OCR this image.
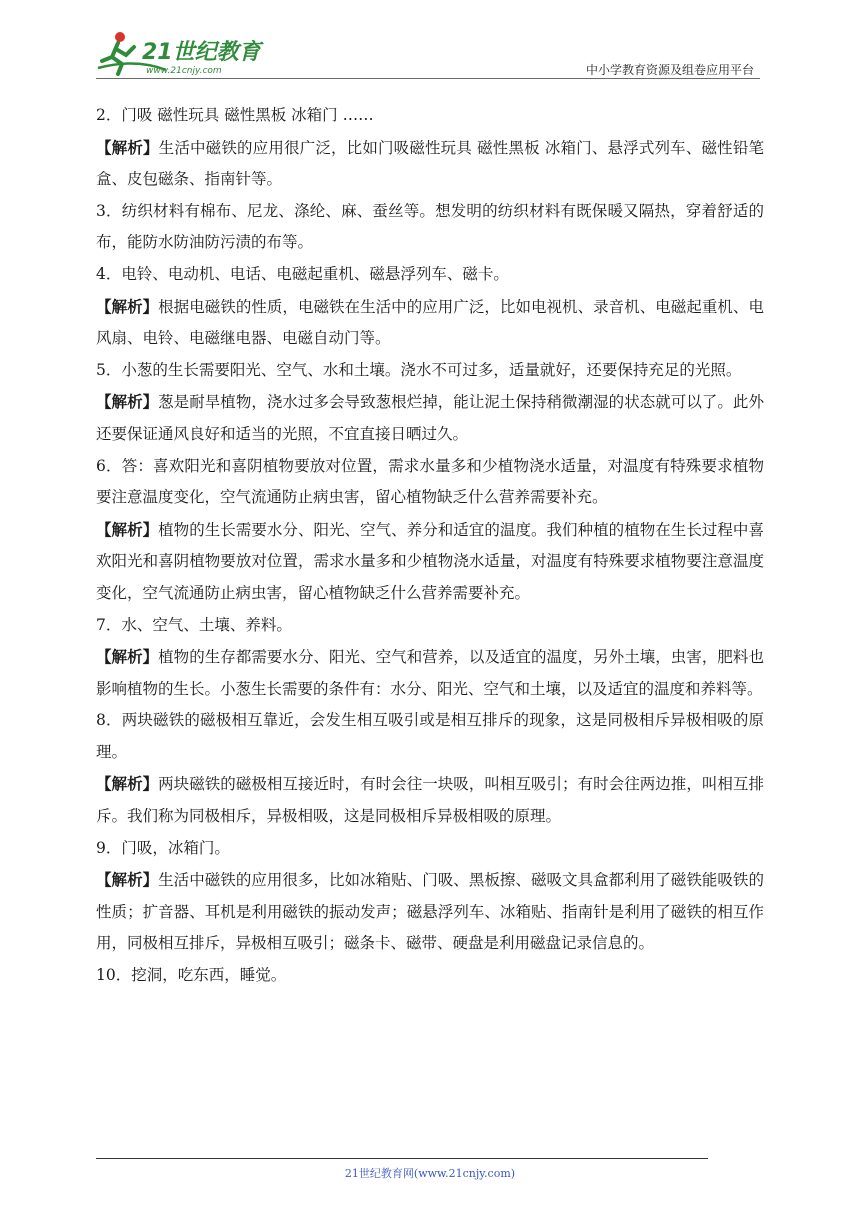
21世纪教育
www.21cnjy.com	中小学教育资源及组卷应用平台

2．门吸 磁性玩具 磁性黑板 冰箱门 ……

【解析】生活中磁铁的应用很广泛，比如门吸磁性玩具 磁性黑板 冰箱门、悬浮式列车、磁性铅笔盒、皮包磁条、指南针等。

3．纺织材料有棉布、尼龙、涤纶、麻、蚕丝等。想发明的纺织材料有既保暖又隔热，穿着舒适的布，能防水防油防污渍的布等。

4．电铃、电动机、电话、电磁起重机、磁悬浮列车、磁卡。

【解析】根据电磁铁的性质，电磁铁在生活中的应用广泛，比如电视机、录音机、电磁起重机、电风扇、电铃、电磁继电器、电磁自动门等。

5．小葱的生长需要阳光、空气、水和土壤。浇水不可过多，适量就好，还要保持充足的光照。

【解析】葱是耐旱植物，浇水过多会导致葱根烂掉，能让泥土保持稍微潮湿的状态就可以了。此外还要保证通风良好和适当的光照，不宜直接日晒过久。

6．答：喜欢阳光和喜阴植物要放对位置，需求水量多和少植物浇水适量，对温度有特殊要求植物要注意温度变化，空气流通防止病虫害，留心植物缺乏什么营养需要补充。

【解析】植物的生长需要水分、阳光、空气、养分和适宜的温度。我们种植的植物在生长过程中喜欢阳光和喜阴植物要放对位置，需求水量多和少植物浇水适量，对温度有特殊要求植物要注意温度变化，空气流通防止病虫害，留心植物缺乏什么营养需要补充。

7．水、空气、土壤、养料。

【解析】植物的生存都需要水分、阳光、空气和营养，以及适宜的温度，另外土壤，虫害，肥料也影响植物的生长。小葱生长需要的条件有：水分、阳光、空气和土壤，以及适宜的温度和养料等。

8．两块磁铁的磁极相互靠近，会发生相互吸引或是相互排斥的现象，这是同极相斥异极相吸的原理。

【解析】两块磁铁的磁极相互接近时，有时会往一块吸，叫相互吸引；有时会往两边推，叫相互排斥。我们称为同极相斥，异极相吸，这是同极相斥异极相吸的原理。

9．门吸，冰箱门。

【解析】生活中磁铁的应用很多，比如冰箱贴、门吸、黑板擦、磁吸文具盒都利用了磁铁能吸铁的性质；扩音器、耳机是利用磁铁的振动发声；磁悬浮列车、冰箱贴、指南针是利用了磁铁的相互作用，同极相互排斥，异极相互吸引；磁条卡、磁带、硬盘是利用磁盘记录信息的。

10．挖洞，吃东西，睡觉。

21世纪教育网(www.21cnjy.com)
